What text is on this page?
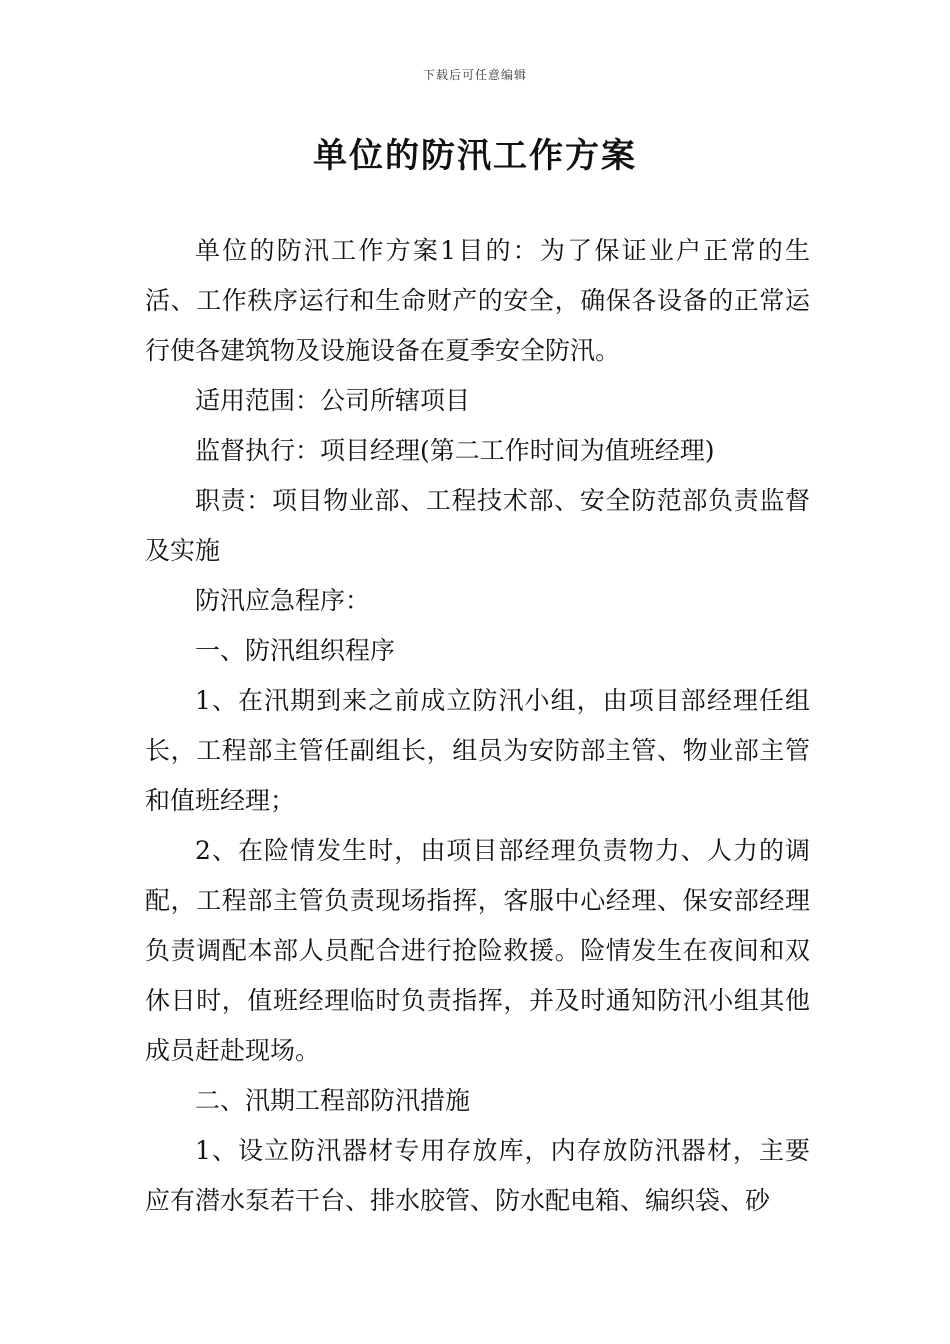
下载后可任意编辑
单位的防汛工作方案

单位的防汛工作方案1目的：为了保证业户正常的生活、工作秩序运行和生命财产的安全，确保各设备的正常运行使各建筑物及设施设备在夏季安全防汛。

适用范围：公司所辖项目

监督执行：项目经理(第二工作时间为值班经理)

职责：项目物业部、工程技术部、安全防范部负责监督及实施

防汛应急程序：

一、防汛组织程序

1、在汛期到来之前成立防汛小组，由项目部经理任组长，工程部主管任副组长，组员为安防部主管、物业部主管和值班经理；

2、在险情发生时，由项目部经理负责物力、人力的调配，工程部主管负责现场指挥，客服中心经理、保安部经理负责调配本部人员配合进行抢险救援。险情发生在夜间和双休日时，值班经理临时负责指挥，并及时通知防汛小组其他成员赶赴现场。

二、汛期工程部防汛措施

1、设立防汛器材专用存放库，内存放防汛器材，主要应有潜水泵若干台、排水胶管、防水配电箱、编织袋、砂
